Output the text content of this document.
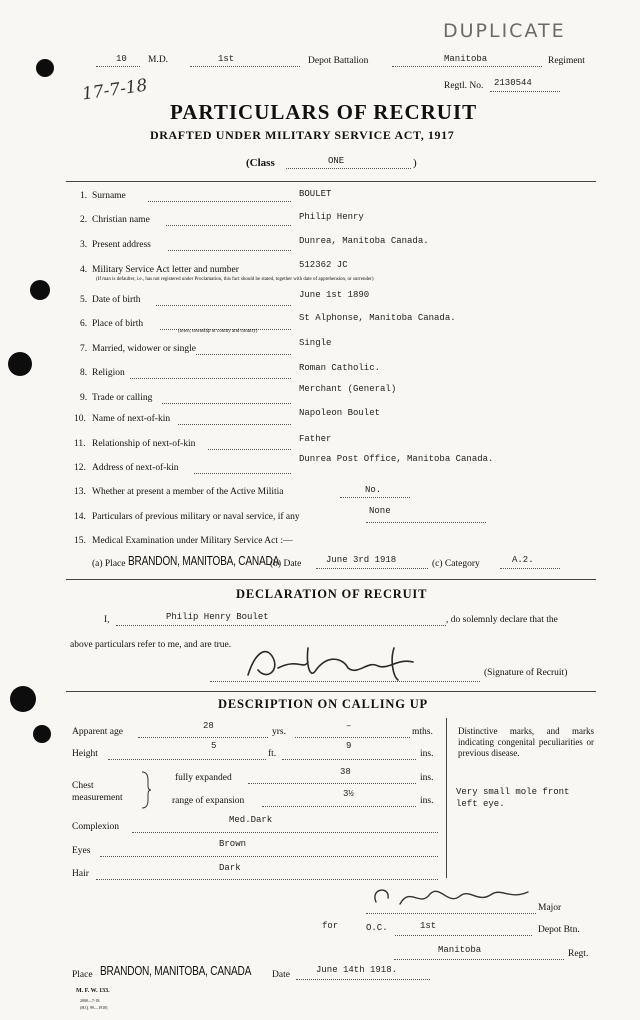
DUPLICATE
10 M.D.	1st	Depot Battalion	Manitoba	Regiment
17-7-18	Regtl. No. 2130544
PARTICULARS OF RECRUIT
DRAFTED UNDER MILITARY SERVICE ACT, 1917
(Class	ONE	)
1. Surname	BOULET
2. Christian name	Philip Henry
3. Present address	Dunrea, Manitoba Canada.
4. Military Service Act letter and number	512362 JC
(If man is defaulter, i.e., has not registered under Proclamation, this fact should be stated, together with date of apprehension, or surrender)
5. Date of birth	June 1st 1890
6. Place of birth
St Alphonse, Manitoba Canada.
(town, township or county and country)
7. Married, widower or single
Single
8. Religion	Roman Catholic.
9. Trade or calling
Merchant (General)
10. Name of next-of-kin
Napoleon Boulet
11. Relationship of next-of-kin	Father
12. Address of next-of-kin
Dunrea Post Office, Manitoba Canada.
13. Whether at present a member of the Active Militia	No.
14. Particulars of previous military or naval service, if any
None
15. Medical Examination under Military Service Act :—
(a) Place BRANDON, MANITOBA, CANADA
(b) Date	June 3rd 1918	(c) Category	A.2.
DECLARATION OF RECRUIT
I,	Philip Henry Boulet	, do solemnly declare that the
above particulars refer to me, and are true.
(Signature of Recruit)
DESCRIPTION ON CALLING UP
Apparent age
28
yrs.
–
mths.
Height
5
ft.
9
ins.
Chest measurement
fully expanded
38
ins.
range of expansion
3½
ins.
Complexion
Med.Dark
Eyes
Brown
Hair
Dark
Distinctive marks, and marks indicating congenital peculiarities or previous disease.
Very small mole front left eye.
Major
for	O.C.	1st	Depot Btn.
Manitoba	Regt.
Place BRANDON, MANITOBA, CANADA Date	June 14th 1918.
M. F. W. 133.
2000—7-18.
(H.Q. 99—1918)
